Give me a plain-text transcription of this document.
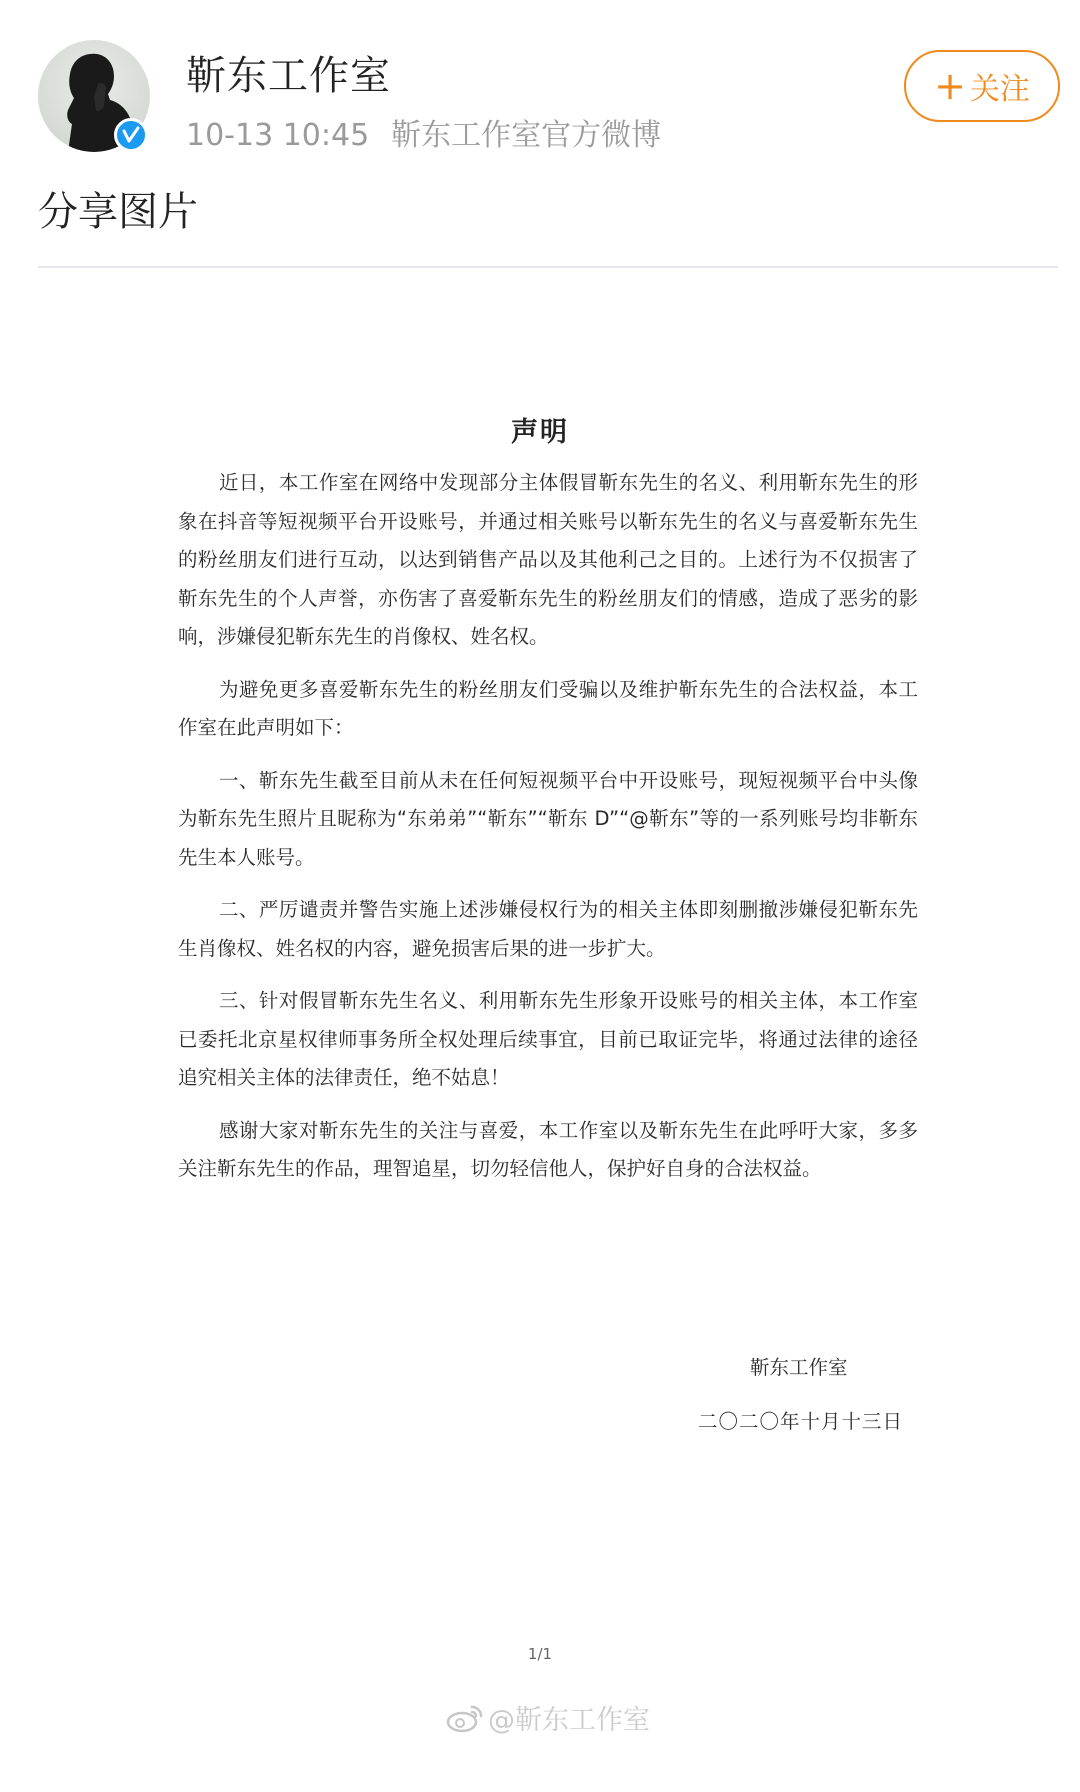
靳东工作室
10-13 10:45 靳东工作室官方微博
+ 关注
分享图片
声明

近日，本工作室在网络中发现部分主体假冒靳东先生的名义、利用靳东先生的形象在抖音等短视频平台开设账号，并通过相关账号以靳东先生的名义与喜爱靳东先生的粉丝朋友们进行互动，以达到销售产品以及其他利己之目的。上述行为不仅损害了靳东先生的个人声誉，亦伤害了喜爱靳东先生的粉丝朋友们的情感，造成了恶劣的影响，涉嫌侵犯靳东先生的肖像权、姓名权。

为避免更多喜爱靳东先生的粉丝朋友们受骗以及维护靳东先生的合法权益，本工作室在此声明如下：

一、靳东先生截至目前从未在任何短视频平台中开设账号，现短视频平台中头像为靳东先生照片且昵称为“东弟弟”“靳东”“靳东 D”“@靳东”等的一系列账号均非靳东先生本人账号。

二、严厉谴责并警告实施上述涉嫌侵权行为的相关主体即刻删撤涉嫌侵犯靳东先生肖像权、姓名权的内容，避免损害后果的进一步扩大。

三、针对假冒靳东先生名义、利用靳东先生形象开设账号的相关主体，本工作室已委托北京星权律师事务所全权处理后续事宜，目前已取证完毕，将通过法律的途径追究相关主体的法律责任，绝不姑息！

感谢大家对靳东先生的关注与喜爱，本工作室以及靳东先生在此呼吁大家，多多关注靳东先生的作品，理智追星，切勿轻信他人，保护好自身的合法权益。

靳东工作室
二〇二〇年十月十三日
1/1
@靳东工作室
